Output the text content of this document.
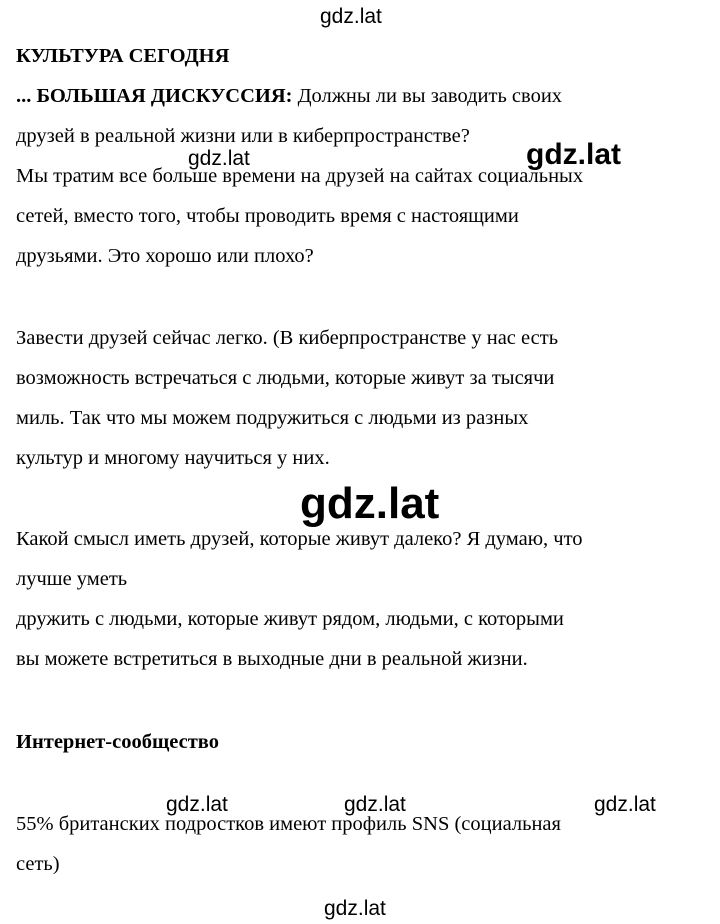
КУЛЬТУРА СЕГОДНЯ
... БОЛЬШАЯ ДИСКУССИЯ: Должны ли вы заводить своих
друзей в реальной жизни или в киберпространстве?
Мы тратим все больше времени на друзей на сайтах социальных
сетей, вместо того, чтобы проводить время с настоящими
друзьями. Это хорошо или плохо?
Завести друзей сейчас легко. (В киберпространстве у нас есть
возможность встречаться с людьми, которые живут за тысячи
миль. Так что мы можем подружиться с людьми из разных
культур и многому научиться у них.
Какой смысл иметь друзей, которые живут далеко? Я думаю, что
лучше уметь
дружить с людьми, которые живут рядом, людьми, с которыми
вы можете встретиться в выходные дни в реальной жизни.
Интернет-сообщество
55% британских подростков имеют профиль SNS (социальная
сеть)
gdz.lat
gdz.lat	gdz.lat
gdz.lat
gdz.lat	gdz.lat	gdz.lat
gdz.lat
